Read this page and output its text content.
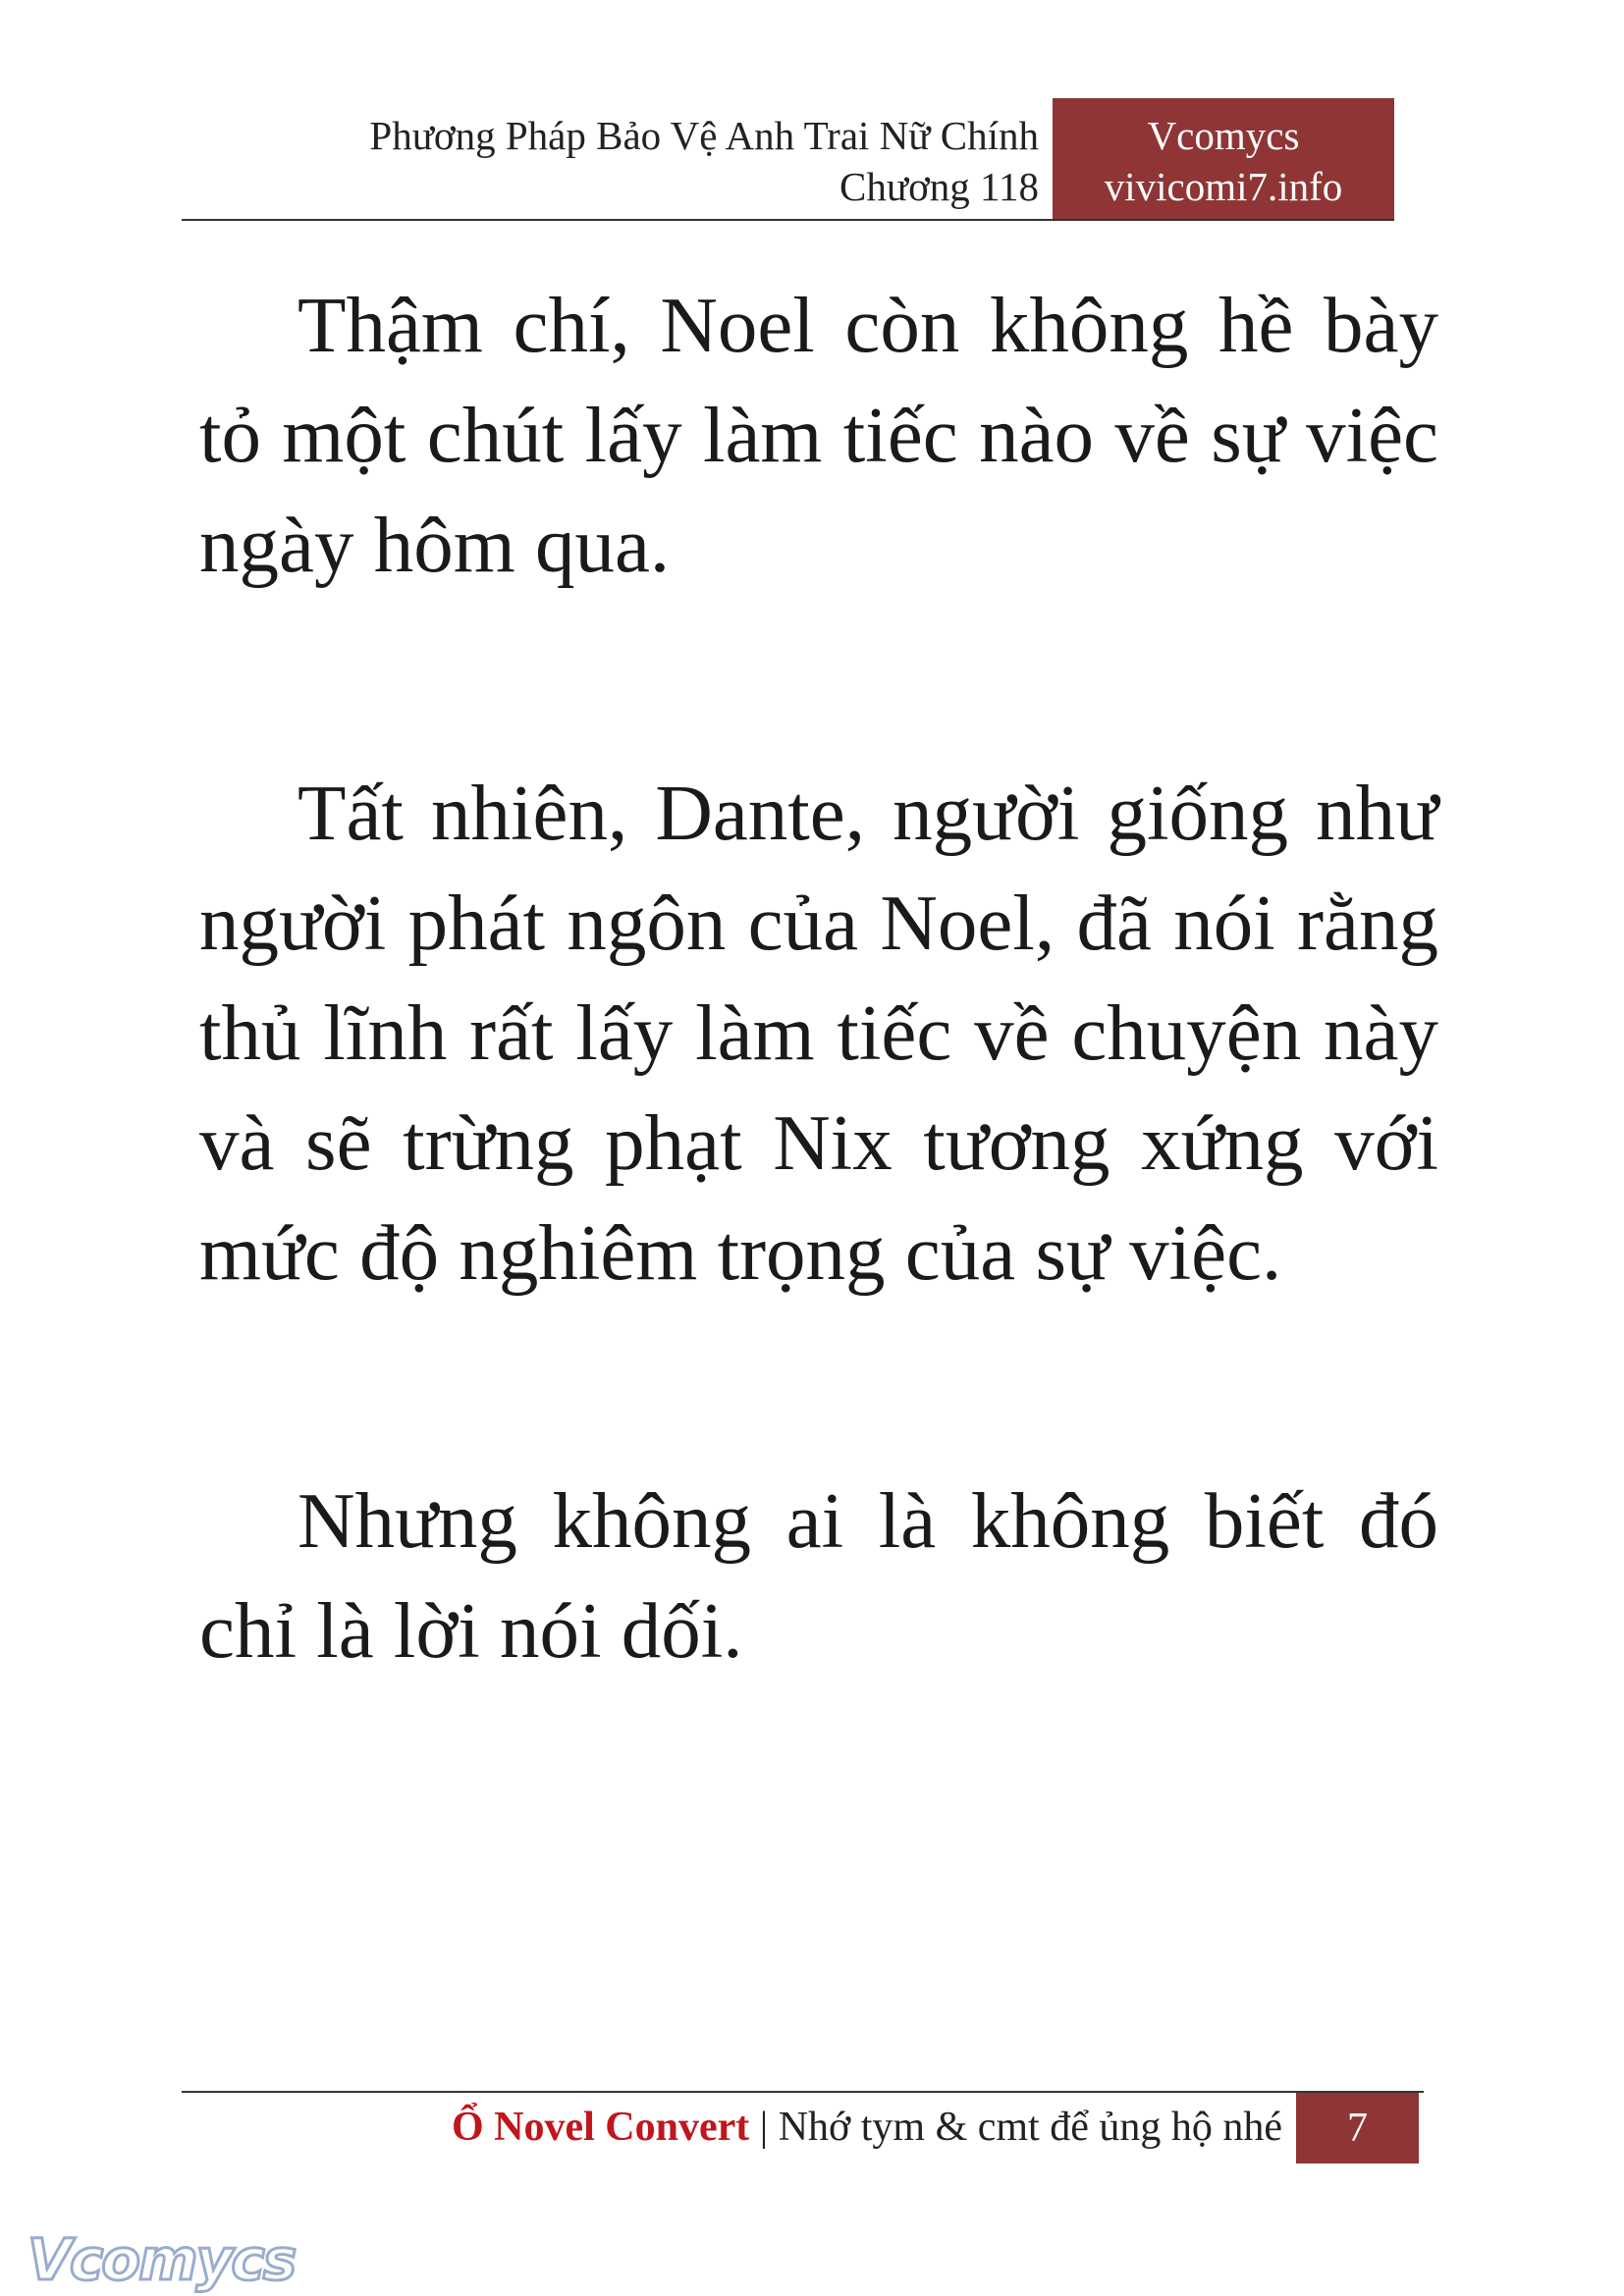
Phương Pháp Bảo Vệ Anh Trai Nữ Chính
Chương 118
Vcomycs
vivicomi7.info

Thậm chí, Noel còn không hề bày tỏ một chút lấy làm tiếc nào về sự việc ngày hôm qua.

Tất nhiên, Dante, người giống như người phát ngôn của Noel, đã nói rằng thủ lĩnh rất lấy làm tiếc về chuyện này và sẽ trừng phạt Nix tương xứng với mức độ nghiêm trọng của sự việc.

Nhưng không ai là không biết đó chỉ là lời nói dối.

Ổ Novel Convert | Nhớ tym & cmt để ủng hộ nhé	7
Vcomycs
